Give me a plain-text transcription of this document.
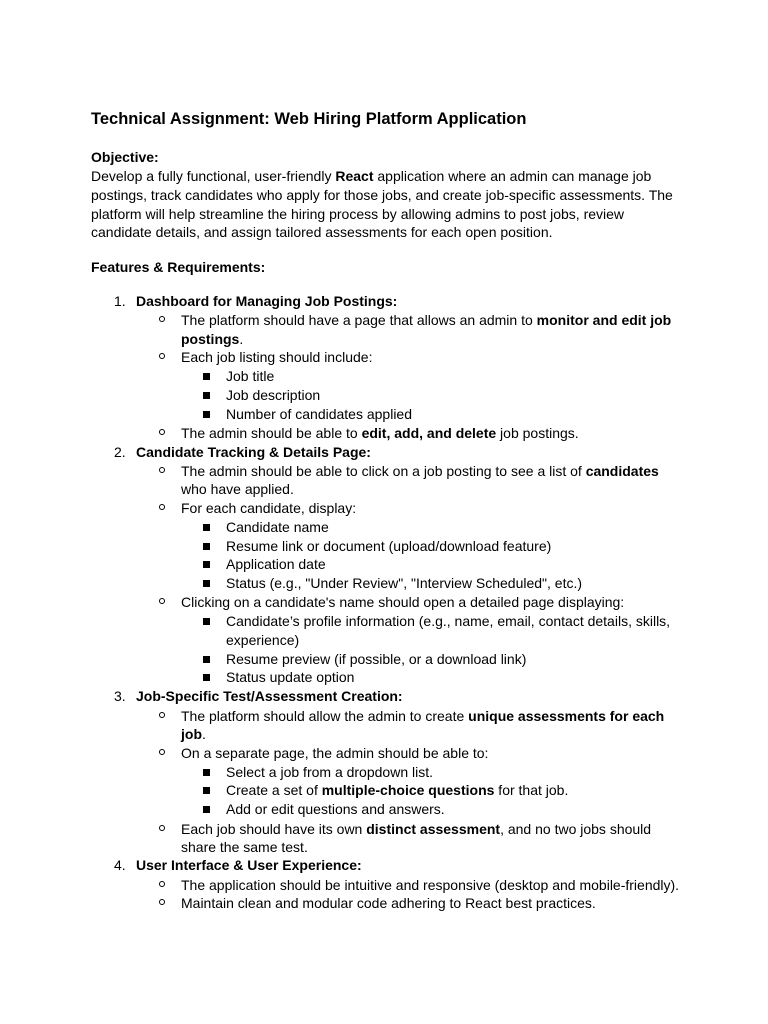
Technical Assignment: Web Hiring Platform Application
Objective:
Develop a fully functional, user-friendly React application where an admin can manage job
postings, track candidates who apply for those jobs, and create job-specific assessments. The
platform will help streamline the hiring process by allowing admins to post jobs, review
candidate details, and assign tailored assessments for each open position.
Features & Requirements:
1. Dashboard for Managing Job Postings:
The platform should have a page that allows an admin to monitor and edit job
postings.
Each job listing should include:
Job title
Job description
Number of candidates applied
The admin should be able to edit, add, and delete job postings.
2. Candidate Tracking & Details Page:
The admin should be able to click on a job posting to see a list of candidates
who have applied.
For each candidate, display:
Candidate name
Resume link or document (upload/download feature)
Application date
Status (e.g., "Under Review", "Interview Scheduled", etc.)
Clicking on a candidate's name should open a detailed page displaying:
Candidate’s profile information (e.g., name, email, contact details, skills,
experience)
Resume preview (if possible, or a download link)
Status update option
3. Job-Specific Test/Assessment Creation:
The platform should allow the admin to create unique assessments for each
job.
On a separate page, the admin should be able to:
Select a job from a dropdown list.
Create a set of multiple-choice questions for that job.
Add or edit questions and answers.
Each job should have its own distinct assessment, and no two jobs should
share the same test.
4. User Interface & User Experience:
The application should be intuitive and responsive (desktop and mobile-friendly).
Maintain clean and modular code adhering to React best practices.
